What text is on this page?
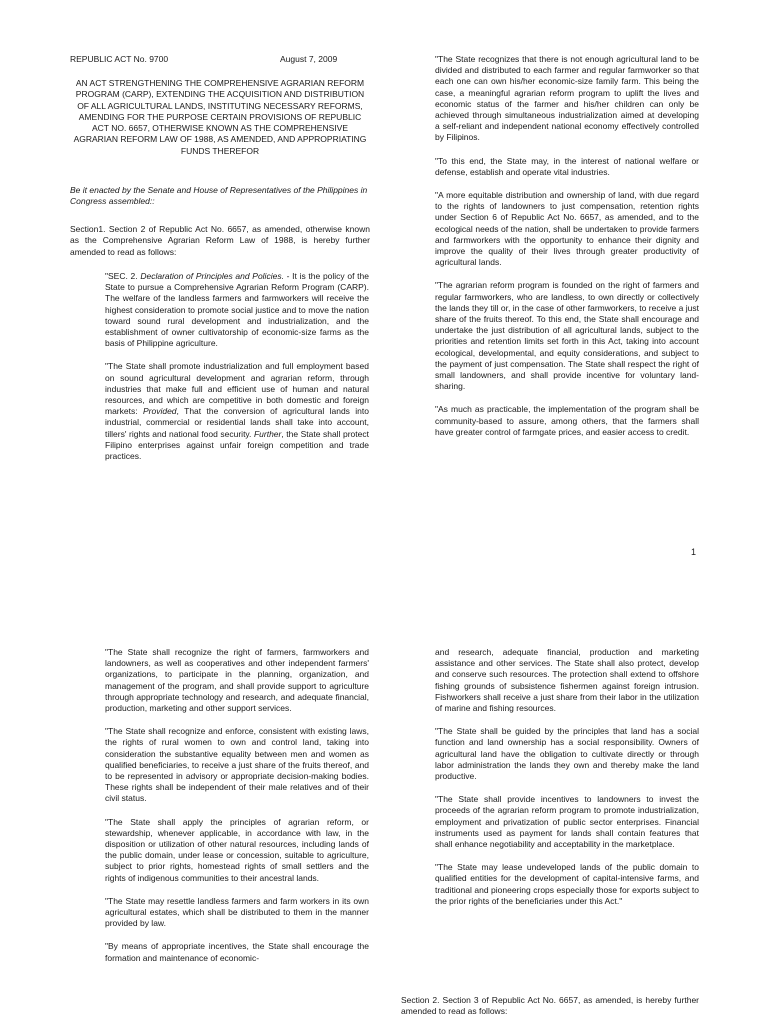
REPUBLIC ACT No. 9700	August 7, 2009

AN ACT STRENGTHENING THE COMPREHENSIVE AGRARIAN REFORM PROGRAM (CARP), EXTENDING THE ACQUISITION AND DISTRIBUTION OF ALL AGRICULTURAL LANDS, INSTITUTING NECESSARY REFORMS, AMENDING FOR THE PURPOSE CERTAIN PROVISIONS OF REPUBLIC ACT NO. 6657, OTHERWISE KNOWN AS THE COMPREHENSIVE AGRARIAN REFORM LAW OF 1988, AS AMENDED, AND APPROPRIATING FUNDS THEREFOR

Be it enacted by the Senate and House of Representatives of the Philippines in Congress assembled::

Section1. Section 2 of Republic Act No. 6657, as amended, otherwise known as the Comprehensive Agrarian Reform Law of 1988, is hereby further amended to read as follows:

"SEC. 2. Declaration of Principles and Policies. - It is the policy of the State to pursue a Comprehensive Agrarian Reform Program (CARP). The welfare of the landless farmers and farmworkers will receive the highest consideration to promote social justice and to move the nation toward sound rural development and industrialization, and the establishment of owner cultivatorship of economic-size farms as the basis of Philippine agriculture.

"The State shall promote industrialization and full employment based on sound agricultural development and agrarian reform, through industries that make full and efficient use of human and natural resources, and which are competitive in both domestic and foreign markets: Provided, That the conversion of agricultural lands into industrial, commercial or residential lands shall take into account, tillers' rights and national food security. Further, the State shall protect Filipino enterprises against unfair foreign competition and trade practices.

"The State recognizes that there is not enough agricultural land to be divided and distributed to each farmer and regular farmworker so that each one can own his/her economic-size family farm. This being the case, a meaningful agrarian reform program to uplift the lives and economic status of the farmer and his/her children can only be achieved through simultaneous industrialization aimed at developing a self-reliant and independent national economy effectively controlled by Filipinos.

"To this end, the State may, in the interest of national welfare or defense, establish and operate vital industries.

"A more equitable distribution and ownership of land, with due regard to the rights of landowners to just compensation, retention rights under Section 6 of Republic Act No. 6657, as amended, and to the ecological needs of the nation, shall be undertaken to provide farmers and farmworkers with the opportunity to enhance their dignity and improve the quality of their lives through greater productivity of agricultural lands.

"The agrarian reform program is founded on the right of farmers and regular farmworkers, who are landless, to own directly or collectively the lands they till or, in the case of other farmworkers, to receive a just share of the fruits thereof. To this end, the State shall encourage and undertake the just distribution of all agricultural lands, subject to the priorities and retention limits set forth in this Act, taking into account ecological, developmental, and equity considerations, and subject to the payment of just compensation. The State shall respect the right of small landowners, and shall provide incentive for voluntary land-sharing.

"As much as practicable, the implementation of the program shall be community-based to assure, among others, that the farmers shall have greater control of farmgate prices, and easier access to credit.

1

"The State shall recognize the right of farmers, farmworkers and landowners, as well as cooperatives and other independent farmers' organizations, to participate in the planning, organization, and management of the program, and shall provide support to agriculture through appropriate technology and research, and adequate financial, production, marketing and other support services.

"The State shall recognize and enforce, consistent with existing laws, the rights of rural women to own and control land, taking into consideration the substantive equality between men and women as qualified beneficiaries, to receive a just share of the fruits thereof, and to be represented in advisory or appropriate decision-making bodies. These rights shall be independent of their male relatives and of their civil status.

"The State shall apply the principles of agrarian reform, or stewardship, whenever applicable, in accordance with law, in the disposition or utilization of other natural resources, including lands of the public domain, under lease or concession, suitable to agriculture, subject to prior rights, homestead rights of small settlers and the rights of indigenous communities to their ancestral lands.

"The State may resettle landless farmers and farm workers in its own agricultural estates, which shall be distributed to them in the manner provided by law.

"By means of appropriate incentives, the State shall encourage the formation and maintenance of economic-

and research, adequate financial, production and marketing assistance and other services. The State shall also protect, develop and conserve such resources. The protection shall extend to offshore fishing grounds of subsistence fishermen against foreign intrusion. Fishworkers shall receive a just share from their labor in the utilization of marine and fishing resources.

"The State shall be guided by the principles that land has a social function and land ownership has a social responsibility. Owners of agricultural land have the obligation to cultivate directly or through labor administration the lands they own and thereby make the land productive.

"The State shall provide incentives to landowners to invest the proceeds of the agrarian reform program to promote industrialization, employment and privatization of public sector enterprises. Financial instruments used as payment for lands shall contain features that shall enhance negotiability and acceptability in the marketplace.

"The State may lease undeveloped lands of the public domain to qualified entities for the development of capital-intensive farms, and traditional and pioneering crops especially those for exports subject to the prior rights of the beneficiaries under this Act."

Section 2. Section 3 of Republic Act No. 6657, as amended, is hereby further amended to read as follows:
